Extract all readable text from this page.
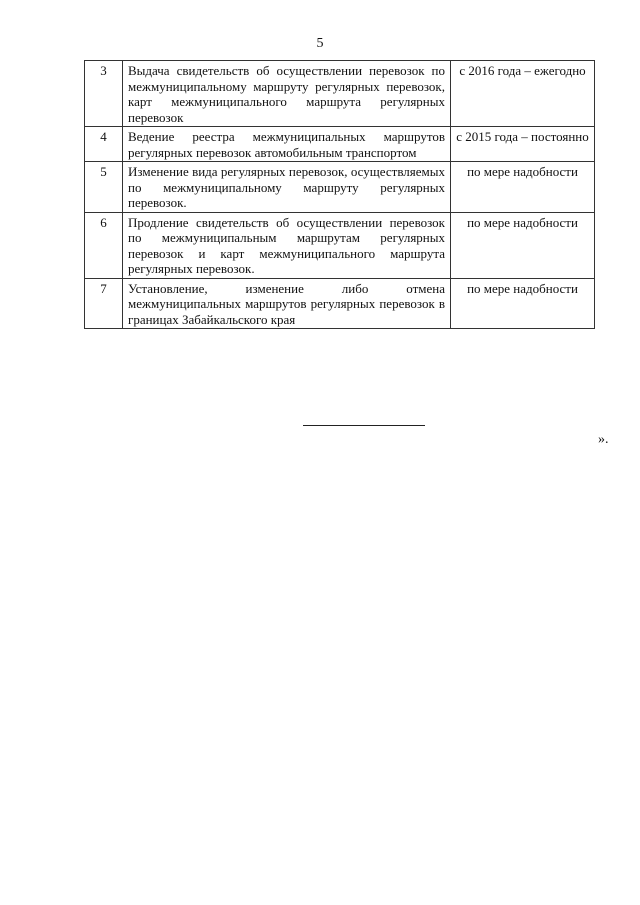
5
3	Выдача свидетельств об осуществлении перевозок по межмуниципальному маршруту регулярных перевозок, карт межмуниципального маршрута регулярных перевозок	с 2016 года – ежегодно
4	Ведение реестра межмуниципальных маршрутов регулярных перевозок автомобильным транспортом	с 2015 года – постоянно
5	Изменение вида регулярных перевозок, осуществляемых по межмуниципальному маршруту регулярных перевозок.	по мере надобности
6	Продление свидетельств об осуществлении перевозок по межмуниципальным маршрутам регулярных перевозок и карт межмуниципального маршрута регулярных перевозок.	по мере надобности
7	Установление, изменение либо отмена межмуниципальных маршрутов регулярных перевозок в границах Забайкальского края	по мере надобности
».
